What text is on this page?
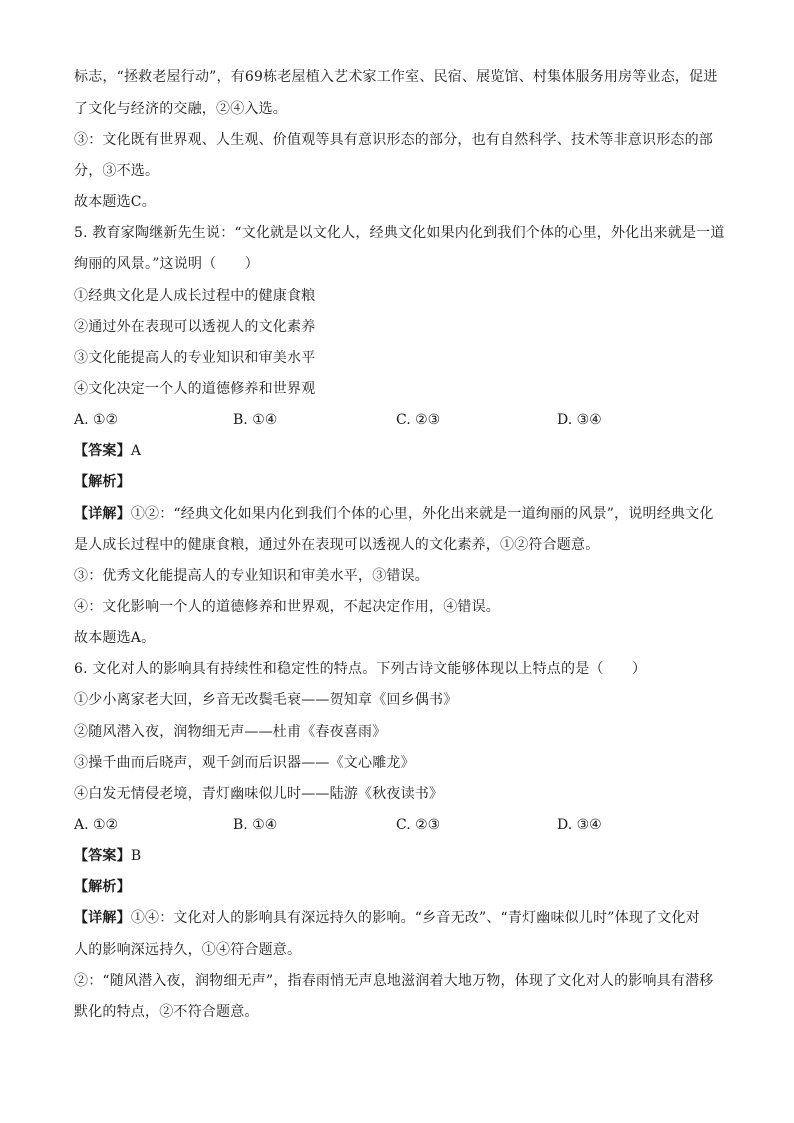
标志，“拯救老屋行动”，有69栋老屋植入艺术家工作室、民宿、展览馆、村集体服务用房等业态，促进
了文化与经济的交融，②④入选。
③：文化既有世界观、人生观、价值观等具有意识形态的部分，也有自然科学、技术等非意识形态的部
分，③不选。
故本题选C。
5. 教育家陶继新先生说：“文化就是以文化人，经典文化如果内化到我们个体的心里，外化出来就是一道
绚丽的风景。”这说明（　　）
①经典文化是人成长过程中的健康食粮
②通过外在表现可以透视人的文化素养
③文化能提高人的专业知识和审美水平
④文化决定一个人的道德修养和世界观
A. ①②	B. ①④	C. ②③	D. ③④
【答案】A
【解析】
【详解】①②：“经典文化如果内化到我们个体的心里，外化出来就是一道绚丽的风景”，说明经典文化
是人成长过程中的健康食粮，通过外在表现可以透视人的文化素养，①②符合题意。
③：优秀文化能提高人的专业知识和审美水平，③错误。
④：文化影响一个人的道德修养和世界观，不起决定作用，④错误。
故本题选A。
6. 文化对人的影响具有持续性和稳定性的特点。下列古诗文能够体现以上特点的是（　　）
①少小离家老大回，乡音无改鬓毛衰——贺知章《回乡偶书》
②随风潜入夜，润物细无声——杜甫《春夜喜雨》
③操千曲而后晓声，观千剑而后识器——《文心雕龙》
④白发无情侵老境，青灯幽味似儿时——陆游《秋夜读书》
A. ①②	B. ①④	C. ②③	D. ③④
【答案】B
【解析】
【详解】①④：文化对人的影响具有深远持久的影响。“乡音无改”、“青灯幽味似儿时”体现了文化对
人的影响深远持久，①④符合题意。
②：“随风潜入夜，润物细无声”，指春雨悄无声息地滋润着大地万物，体现了文化对人的影响具有潜移
默化的特点，②不符合题意。
